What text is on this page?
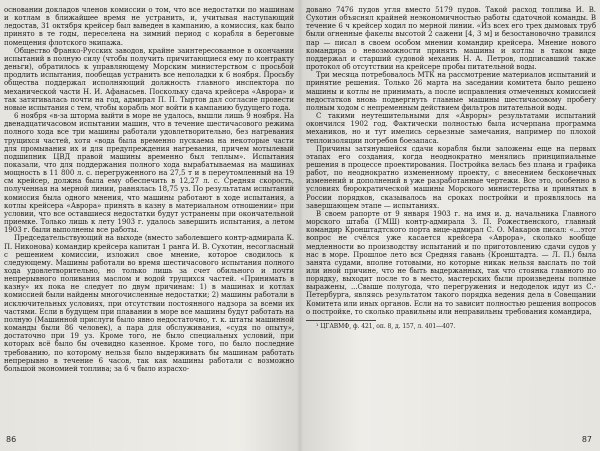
основании докладов членов комиссии о том, что все недостатки по машинам и котлам в ближайшее время не устранить, и, учитывая наступающий ледостав, 31 октября крейсер был выведен в кампанию, а комиссия, как было принято в те годы, переселена на зимний период с корабля в береговые помещения флотского экипажа.

Общество Франко-Русских заводов, крайне заинтересованное в окончании испытаний в полную силу (чтобы получить причитающиеся ему по контракту деньги), обратилось к управляющему Морским министерством с просьбой продлить испытания, пообещав устранить все неполадки к 6 ноября. Просьбу общества поддержал исполняющий должность главного инспектора по механической части Н. И. Афанасьев. Поскольку сдача крейсера «Аврора» и так затягивалась почти на год, адмирал П. П. Тыртов дал согласие провести новые испытания с тем, чтобы корабль мог войти в кампанию будущего года.

6 ноября «в-за шторма выйти в море не удалось, вышли лишь 9 ноября. На двенадцатичасовом испытании машин, что в течение шестичасового режима полного хода все три машины работали удовлетворительно, без нагревания трущихся частей, хотя «вода была временно пускаема на некоторые части для промывания их и для предупреждения нагревания, причем мотылевый подшипник ЦВД правой машины временно был теплым». Испытания показали, что для поддержания полного хода вырабатываемая на машинах мощность в 11 800 л. с. перегруженного на 27,5 т и в переутомленный на 19 см крейсер, должна была ему обеспечить в 12,27 л. с. Средняя скорость, полученная на мерной линии, равнялась 18,75 уз. По результатам испытаний комиссия была одного мнения, что машины работают в ходе испытания, а котлы крейсера «Аврора» принять в казну в материальном отношении» при условии, что все оставшиеся недостатки будут устранены при окончательной приемке. Только лишь к лету 1903 г. удалось завершить испытания, а летом 1903 г. были выполнены все работы.

Председательствующий на выходе (вместо заболевшего контр-адмирала К. П. Никонова) командир крейсера капитан 1 ранга И. В. Сухотин, несогласный с решением комиссии, изложил свое мнение, которое сводилось к следующему. Машины работали во время шестичасового испытания полного хода удовлетворительно, но только лишь за счет обильного и почти непрерывного поливания маслом и водой трущихся частей. «Принимать в казну» их пока не следует по двум причинам: 1) в машинах и котлах комиссией были найдены многочисленные недостатки; 2) машины работали в исключительных условиях, при отсутствии постоянного надзора за всеми их частями. Если в будущем при плавании в море все машины будут работать на полную (Машинной прислуги было явно недостаточно, т. к. штаты машинной команды были 86 человек), а пара для обслуживания, «судя по опыту», достаточно при 19 уз. Кроме того, не было специальных условий, при которых всё было бы очевидно казенное. Кроме того, по было последние требованию, по которому нельзя было выдерживать бы машинам работать непрерывно в течение 6 часов, так как машины работали с возможно большой экономией топлива; за 6 ч было израсхо-

86

довано 7476 пудов угля вместо 5179 пудов. Такой расход топлива И. В. Сухотин объяснял крайней неэкономичностью работы сдаточной команды. В течение 6 ч крейсер ходил по мерной линии. «Из всех его трех дымовых труб были огненные факелы высотой 2 сажени [4, 3 м] и безостановочно травился пар — писал в своем особом мнении командир крейсера. Мнение нового командира о невозможности принять машины и котлы в таком виде поддержал и старший судовой механик Н. А. Петров, подписавший также протокол об отсутствии на крейсере пробы питательной воды.

Три месяца потребовалось МТК на рассмотрение материалов испытаний и принятие решения. Только 26 марта на заседании комитета было решено машины и котлы не принимать, а после исправления отмеченных комиссией недостатков вновь подвергнуть главные машины шестичасовому пробегу полным ходом с непременным действием фильтров питательной воды.

С такими неутешительными для «Авроры» результатами испытаний окончился 1902 год. Фактически полностью была исчерпана программа механиков, но и тут имелись серьезные замечания, например по плохой теплоизоляции погребов боезапаса.

Причины затянувшейся сдачи корабля были заложены еще на первых этапах его создания, когда неоднократно менялись принципиальные решения в процессе проектирования. Постройка велась без плана и графика работ, по неоднократно измененному проекту, с внесением бесконечных изменений и дополнений в уже разработанные чертежи. Все это, особенно в условиях бюрократической машины Морского министерства и принятых в России порядков, сказывалось на сроках постройки и проявлялось на завершающем этапе — испытаниях.

В своем рапорте от 9 января 1903 г. на имя и. д. начальника Главного морского штаба (ГМШ) контр-адмирала З. П. Рожественского, главный командир Кронштадтского порта вице-адмирал С. О. Макаров писал: «...этот вопрос не счёлся уже касается крейсера «Аврора», сколько вообще медленности во производству испытаний и по приготовлению сдачи судов у нас в море. Прошлое лето вся Средняя гавань (Кронштадта. — Л. П.) была занята судами, вполне готовыми, но которые никак нельзя выслать по той или иной причине, что не быть выдержанных, так что стоянка главного по порядку, выходит после то в место, мастерских были произведены полные выражены, ...Свыше полугода, что перегружения и недоделок идут из С.-Петербурга, являясь результатом такого порядка ведения дела в Совещании Комитета или иных органов. Если на то зависит полностью решения вопросов о постройке, то сколько правильны или неправильны требования командира,

¹ ЦГАВМФ, ф. 421, оп. 8, д. 157, л. 401—407.

87
